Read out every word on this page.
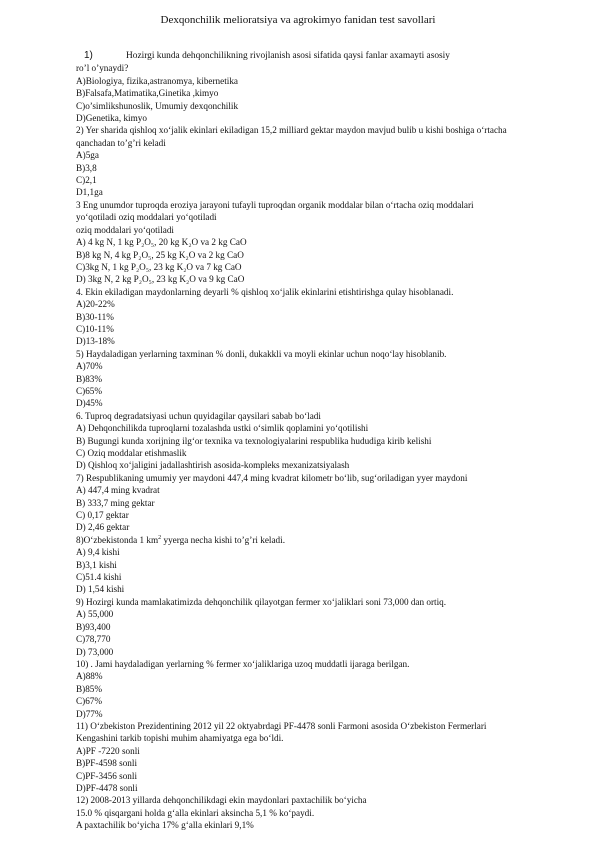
Dexqonchilik melioratsiya va agrokimyo fanidan test savollari
1)	Hozirgi kunda dehqonchilikning rivojlanish asosi sifatida qaysi fanlar axamayti asosiy
ro’l o’ynaydi?
A)Biologiya, fizika,astranomya, kibernetika
B)Falsafa,Matimatika,Ginetika ,kimyo
C)o’simlikshunoslik, Umumiy dexqonchilik
D)Genetika, kimyo
2) Yer sharida qishloq xo‘jalik ekinlari ekiladigan 15,2 milliard gektar maydon mavjud bulib u kishi boshiga o‘rtacha
qanchadan to’g’ri keladi
A)5ga
B)3,8
C)2,1
D1,1ga
3 Eng unumdor tuproqda eroziya jarayoni tufayli tuproqdan organik moddalar bilan o‘rtacha oziq moddalari
yo‘qotiladi oziq moddalari yo‘qotiladi
oziq moddalari yo‘qotiladi
A) 4 kg N, 1 kg P₂O₅, 20 kg K₂O va 2 kg CaO
B)8 kg N, 4 kg P₂O₅, 25 kg K₂O va 2 kg CaO
C)3kg N, 1 kg P₂O₅, 23 kg K₂O va 7 kg CaO
D) 3kg N, 2 kg P₂O₅, 23 kg K₂O va 9 kg CaO
4. Ekin ekiladigan maydonlarning deyarli % qishloq xo‘jalik ekinlarini etishtirishga qulay hisoblanadi.
A)20-22%
B)30-11%
C)10-11%
D)13-18%
5) Haydaladigan yerlarning taxminan % donli, dukakkli va moyli ekinlar uchun noqo‘lay hisoblanib.
A)70%
B)83%
C)65%
D)45%
6. Tuproq degradatsiyasi uchun quyidagilar qaysilari sabab bo‘ladi
A) Dehqonchilikda tuproqlarni tozalashda ustki o‘simlik qoplamini yo‘qotilishi
B) Bugungi kunda xorijning ilg‘or texnika va texnologiyalarini respublika hududiga kirib kelishi
C) Oziq moddalar etishmaslik
D) Qishloq xo‘jaligini jadallashtirish asosida-kompleks mexanizatsiyalash
7) Respublikaning umumiy yer maydoni 447,4 ming kvadrat kilometr bo‘lib, sug‘oriladigan yyer maydoni
A) 447,4 ming kvadrat
B) 333,7 ming gektar
C) 0,17 gektar
D) 2,46 gektar
8)O‘zbekistonda 1 $km^2$ yyerga necha kishi to’g’ri keladi.
A) 9,4 kishi
B)3,1 kishi
C)51.4 kishi
D) 1,54 kishi
9) Hozirgi kunda mamlakatimizda dehqonchilik qilayotgan fermer xo‘jaliklari soni 73,000 dan ortiq.
A) 55,000
B)93,400
C)78,770
D) 73,000
10) . Jami haydaladigan yerlarning % fermer xo‘jaliklariga uzoq muddatli ijaraga berilgan.
A)88%
B)85%
C)67%
D)77%
11) O‘zbekiston Prezidentining 2012 yil 22 oktyabrdagi PF-4478 sonli Farmoni asosida O‘zbekiston Fermerlari
Kengashini tarkib topishi muhim ahamiyatga ega bo‘ldi.
A)PF -7220 sonli
B)PF-4598 sonli
C)PF-3456 sonli
D)PF-4478 sonli
12) 2008-2013 yillarda dehqonchilikdagi ekin maydonlari paxtachilik bo‘yicha
15.0 % qisqargani holda g‘alla ekinlari aksincha 5,1 % ko‘paydi.
A paxtachilik bo‘yicha 17% g‘alla ekinlari 9,1%
